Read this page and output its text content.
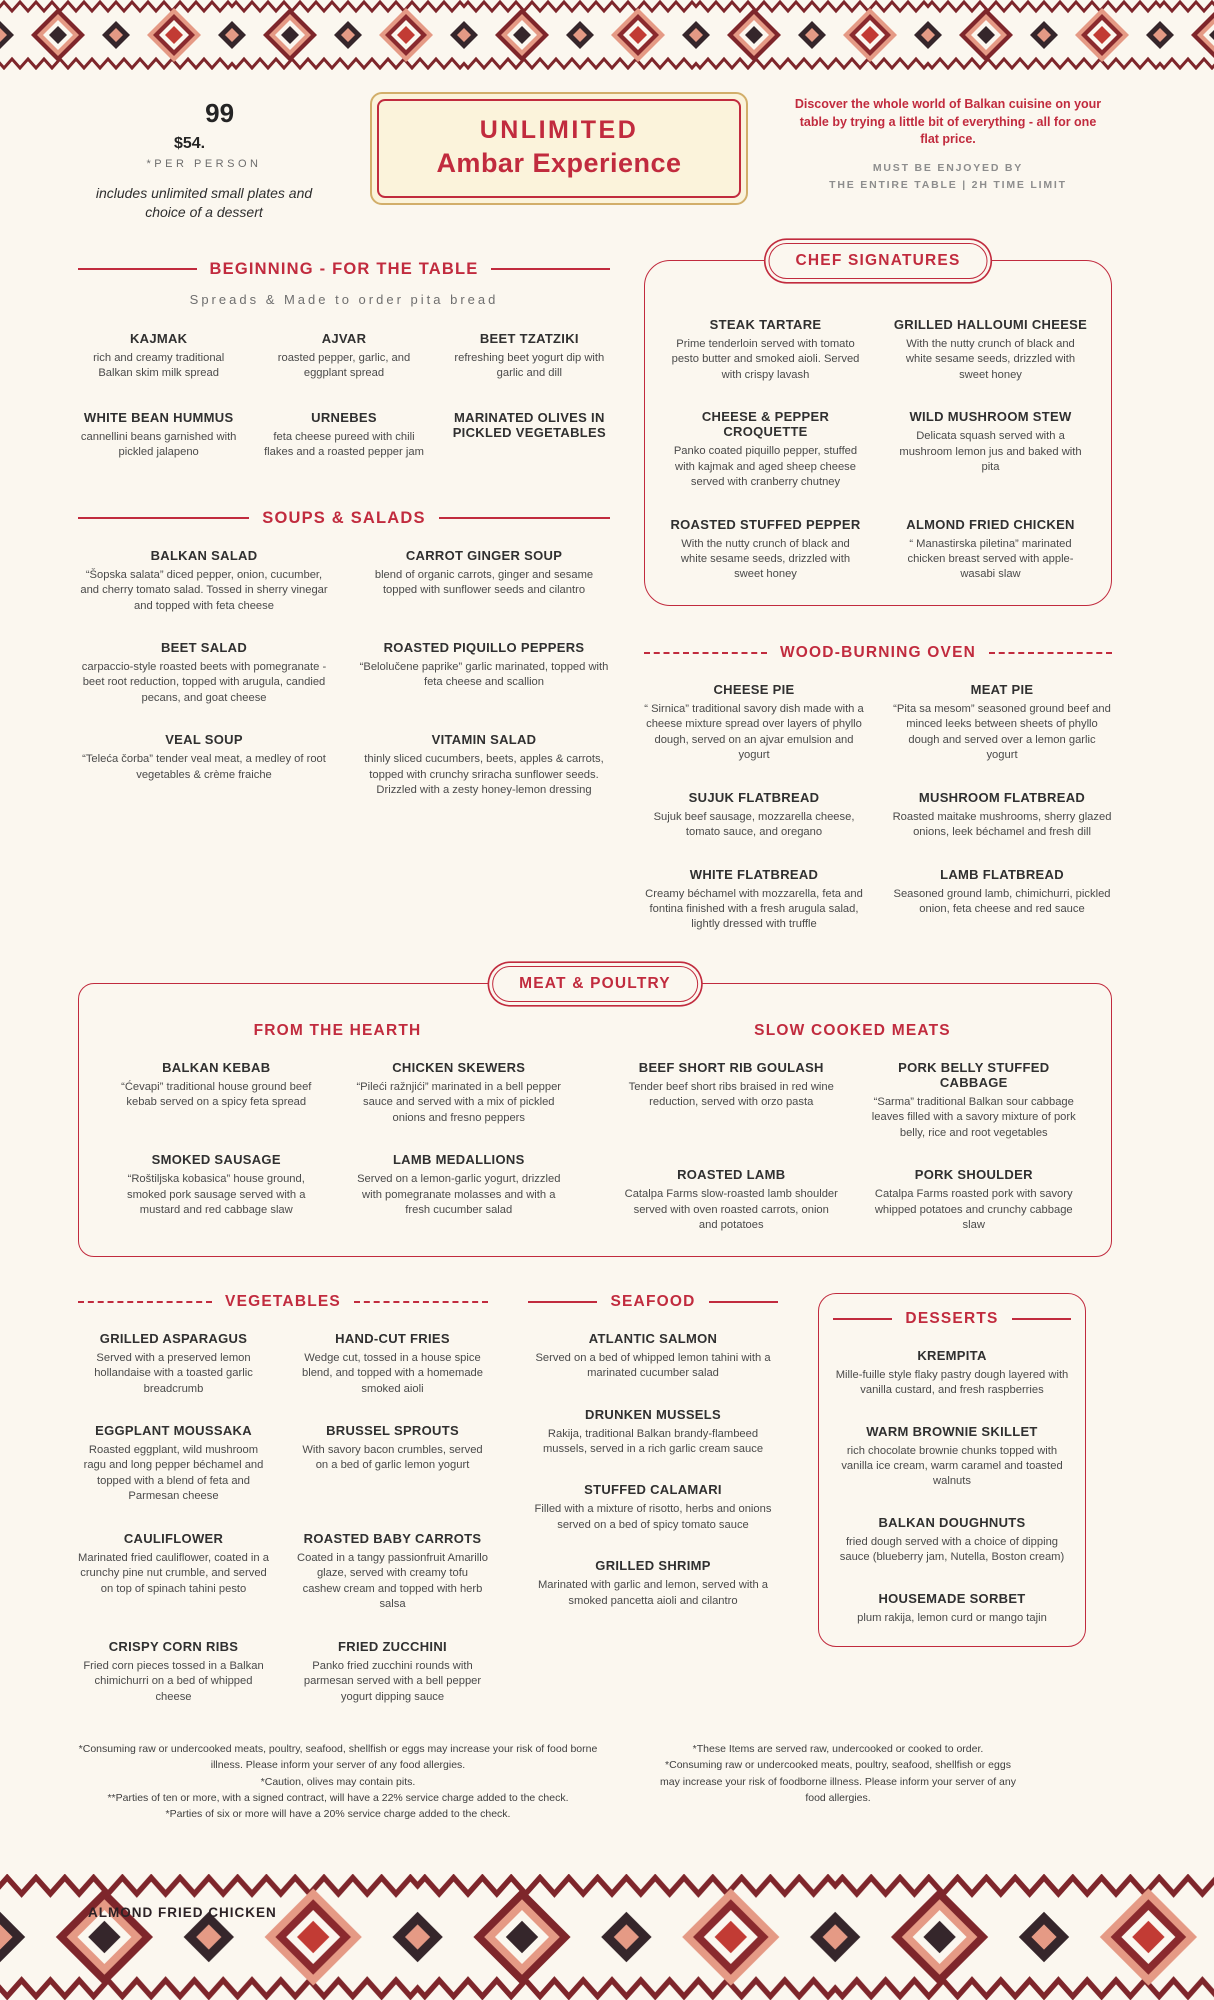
$54.99
*PER PERSON
includes unlimited small plates and choice of a dessert
UNLIMITED
Ambar Experience

Discover the whole world of Balkan cuisine on your table by trying a little bit of everything - all for one flat price.

MUST BE ENJOYED BY
THE ENTIRE TABLE | 2H TIME LIMIT
BEGINNING - FOR THE TABLE
Spreads & Made to order pita bread
KAJMAK

rich and creamy traditional Balkan skim milk spread

AJVAR

roasted pepper, garlic, and eggplant spread

BEET TZATZIKI

refreshing beet yogurt dip with garlic and dill

WHITE BEAN HUMMUS

cannellini beans garnished with pickled jalapeno

URNEBES

feta cheese pureed with chili flakes and a roasted pepper jam

MARINATED OLIVES IN PICKLED VEGETABLES

SOUPS & SALADS
BALKAN SALAD

“Šopska salata” diced pepper, onion, cucumber, and cherry tomato salad. Tossed in sherry vinegar and topped with feta cheese

CARROT GINGER SOUP

blend of organic carrots, ginger and sesame topped with sunflower seeds and cilantro

BEET SALAD

carpaccio-style roasted beets with pomegranate - beet root reduction, topped with arugula, candied pecans, and goat cheese

ROASTED PIQUILLO PEPPERS

“Belolučene paprike” garlic marinated, topped with feta cheese and scallion

VEAL SOUP

“Teleća čorba” tender veal meat, a medley of root vegetables & crème fraiche

VITAMIN SALAD

thinly sliced cucumbers, beets, apples & carrots, topped with crunchy sriracha sunflower seeds. Drizzled with a zesty honey-lemon dressing

CHEF SIGNATURES
STEAK TARTARE

Prime tenderloin served with tomato pesto butter and smoked aioli. Served with crispy lavash

GRILLED HALLOUMI CHEESE

With the nutty crunch of black and white sesame seeds, drizzled with sweet honey

CHEESE & PEPPER CROQUETTE

Panko coated piquillo pepper, stuffed with kajmak and aged sheep cheese served with cranberry chutney

WILD MUSHROOM STEW

Delicata squash served with a mushroom lemon jus and baked with pita

ROASTED STUFFED PEPPER

With the nutty crunch of black and white sesame seeds, drizzled with sweet honey

ALMOND FRIED CHICKEN

“ Manastirska piletina” marinated chicken breast served with apple-wasabi slaw

WOOD-BURNING OVEN
CHEESE PIE

“ Sirnica” traditional savory dish made with a cheese mixture spread over layers of phyllo dough, served on an ajvar emulsion and yogurt

MEAT PIE

“Pita sa mesom” seasoned ground beef and minced leeks between sheets of phyllo dough and served over a lemon garlic yogurt

SUJUK FLATBREAD

Sujuk beef sausage, mozzarella cheese, tomato sauce, and oregano

MUSHROOM FLATBREAD

Roasted maitake mushrooms, sherry glazed onions, leek béchamel and fresh dill

WHITE FLATBREAD

Creamy béchamel with mozzarella, feta and fontina finished with a fresh arugula salad, lightly dressed with truffle

LAMB FLATBREAD

Seasoned ground lamb, chimichurri, pickled onion, feta cheese and red sauce

MEAT & POULTRY
FROM THE HEARTH
BALKAN KEBAB

“Ćevapi” traditional house ground beef kebab served on a spicy feta spread

CHICKEN SKEWERS

“Pileći ražnjići” marinated in a bell pepper sauce and served with a mix of pickled onions and fresno peppers

SMOKED SAUSAGE

“Roštiljska kobasica” house ground, smoked pork sausage served with a mustard and red cabbage slaw

LAMB MEDALLIONS

Served on a lemon-garlic yogurt, drizzled with pomegranate molasses and with a fresh cucumber salad

SLOW COOKED MEATS
BEEF SHORT RIB GOULASH

Tender beef short ribs braised in red wine reduction, served with orzo pasta

PORK BELLY STUFFED CABBAGE

“Sarma” traditional Balkan sour cabbage leaves filled with a savory mixture of pork belly, rice and root vegetables

ROASTED LAMB

Catalpa Farms slow-roasted lamb shoulder served with oven roasted carrots, onion and potatoes

PORK SHOULDER

Catalpa Farms roasted pork with savory whipped potatoes and crunchy cabbage slaw

VEGETABLES
GRILLED ASPARAGUS

Served with a preserved lemon hollandaise with a toasted garlic breadcrumb

HAND-CUT FRIES

Wedge cut, tossed in a house spice blend, and topped with a homemade smoked aioli

EGGPLANT MOUSSAKA

Roasted eggplant, wild mushroom ragu and long pepper béchamel and topped with a blend of feta and Parmesan cheese

BRUSSEL SPROUTS

With savory bacon crumbles, served on a bed of garlic lemon yogurt

CAULIFLOWER

Marinated fried cauliflower, coated in a crunchy pine nut crumble, and served on top of spinach tahini pesto

ROASTED BABY CARROTS

Coated in a tangy passionfruit Amarillo glaze, served with creamy tofu cashew cream and topped with herb salsa

CRISPY CORN RIBS

Fried corn pieces tossed in a Balkan chimichurri on a bed of whipped cheese

FRIED ZUCCHINI

Panko fried zucchini rounds with parmesan served with a bell pepper yogurt dipping sauce

SEAFOOD
ATLANTIC SALMON

Served on a bed of whipped lemon tahini with a marinated cucumber salad

DRUNKEN MUSSELS

Rakija, traditional Balkan brandy-flambeed mussels, served in a rich garlic cream sauce

STUFFED CALAMARI

Filled with a mixture of risotto, herbs and onions served on a bed of spicy tomato sauce

GRILLED SHRIMP

Marinated with garlic and lemon, served with a smoked pancetta aioli and cilantro

DESSERTS
KREMPITA

Mille-fuille style flaky pastry dough layered with vanilla custard, and fresh raspberries

WARM BROWNIE SKILLET

rich chocolate brownie chunks topped with vanilla ice cream, warm caramel and toasted walnuts

BALKAN DOUGHNUTS

fried dough served with a choice of dipping sauce (blueberry jam, Nutella, Boston cream)

HOUSEMADE SORBET

plum rakija, lemon curd or mango tajin

*Consuming raw or undercooked meats, poultry, seafood, shellfish or eggs may increase your risk of food borne illness. Please inform your server of any food allergies.

*Caution, olives may contain pits.

**Parties of ten or more, with a signed contract, will have a 22% service charge added to the check.

*Parties of six or more will have a 20% service charge added to the check.

*These Items are served raw, undercooked or cooked to order.

*Consuming raw or undercooked meats, poultry, seafood, shellfish or eggs may increase your risk of foodborne illness. Please inform your server of any food allergies.

ALMOND FRIED CHICKEN
